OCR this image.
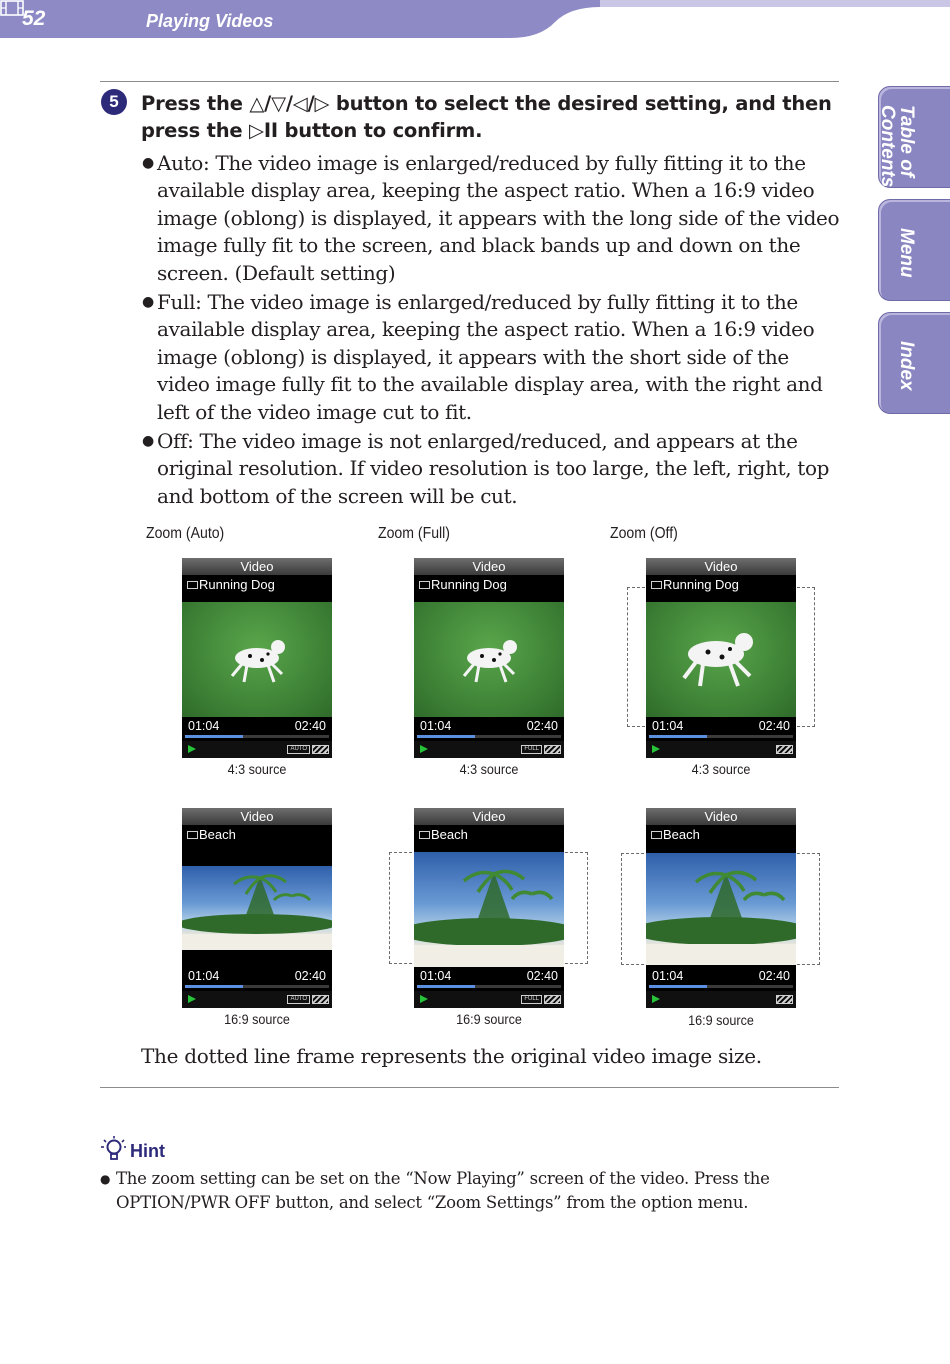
52	Playing Videos
Table of
Contents
Menu
Index
5	Press the △/▽/◁/▷ button to select the desired setting, and then press the ▷II button to confirm.
● Auto: The video image is enlarged/reduced by fully fitting it to the available display area, keeping the aspect ratio. When a 16:9 video image (oblong) is displayed, it appears with the long side of the video image fully fit to the screen, and black bands up and down on the screen. (Default setting)
● Full: The video image is enlarged/reduced by fully fitting it to the available display area, keeping the aspect ratio. When a 16:9 video image (oblong) is displayed, it appears with the short side of the video image fully fit to the available display area, with the right and left of the video image cut to fit.
● Off: The video image is not enlarged/reduced, and appears at the original resolution. If video resolution is too large, the left, right, top and bottom of the screen will be cut.
Zoom (Auto)	Zoom (Full)	Zoom (Off)
Video
Running Dog
01:04	02:40
AUTO
Video
Running Dog
01:04	02:40
FULL
Video
Running Dog
01:04	02:40
4:3 source	4:3 source	4:3 source
Video
Beach
01:04	02:40
AUTO
Video
Beach
01:04	02:40
FULL
Video
Beach
01:04	02:40
16:9 source	16:9 source	16:9 source
The dotted line frame represents the original video image size.
Hint
● The zoom setting can be set on the “Now Playing” screen of the video. Press the OPTION/PWR OFF button, and select “Zoom Settings” from the option menu.
